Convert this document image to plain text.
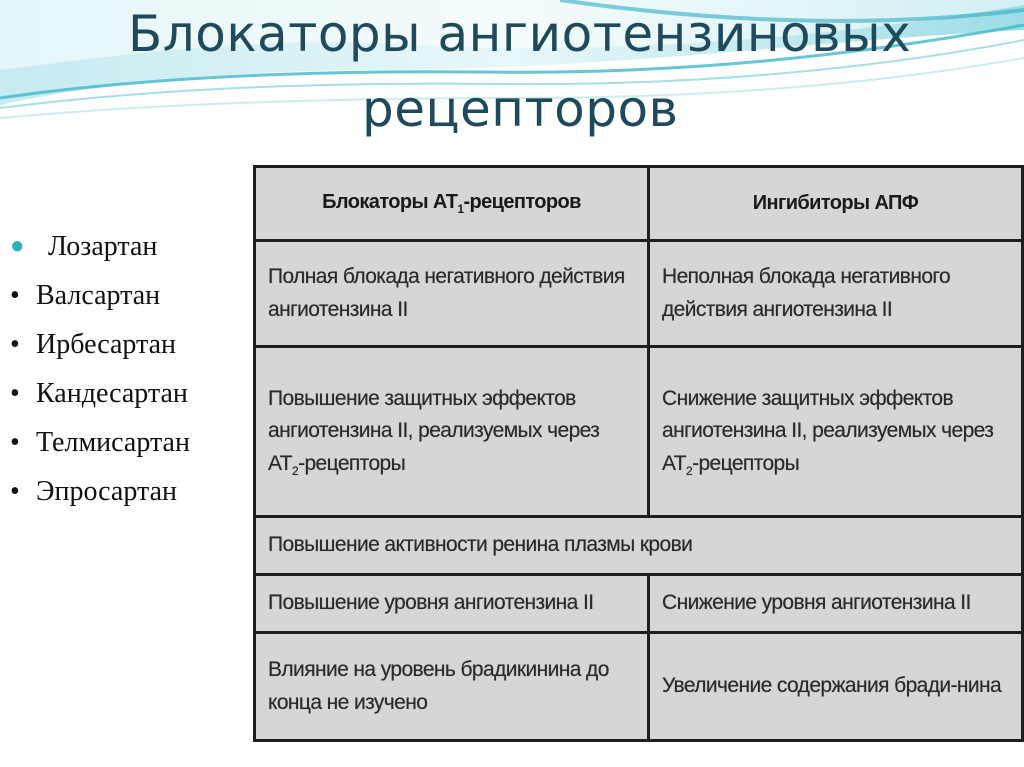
Блокаторы ангиотензиновых
рецепторов
● Лозартан
• Валсартан
• Ирбесартан
• Кандесартан
• Телмисартан
• Эпросартан
Блокаторы $АТ_1$-рецепторов	Ингибиторы АПФ
Полная блокада негативного действия ангиотензина II	Неполная блокада негативного действия ангиотензина II
Повышение защитных эффектов ангиотензина II, реализуемых через $АТ_2$-рецепторы	Снижение защитных эффектов ангиотензина II, реализуемых через $АТ_2$-рецепторы
Повышение активности ренина плазмы крови	
Повышение уровня ангиотензина II	Снижение уровня ангиотензина II
Влияние на уровень брадикинина до конца не изучено	Увеличение содержания бради-нина
